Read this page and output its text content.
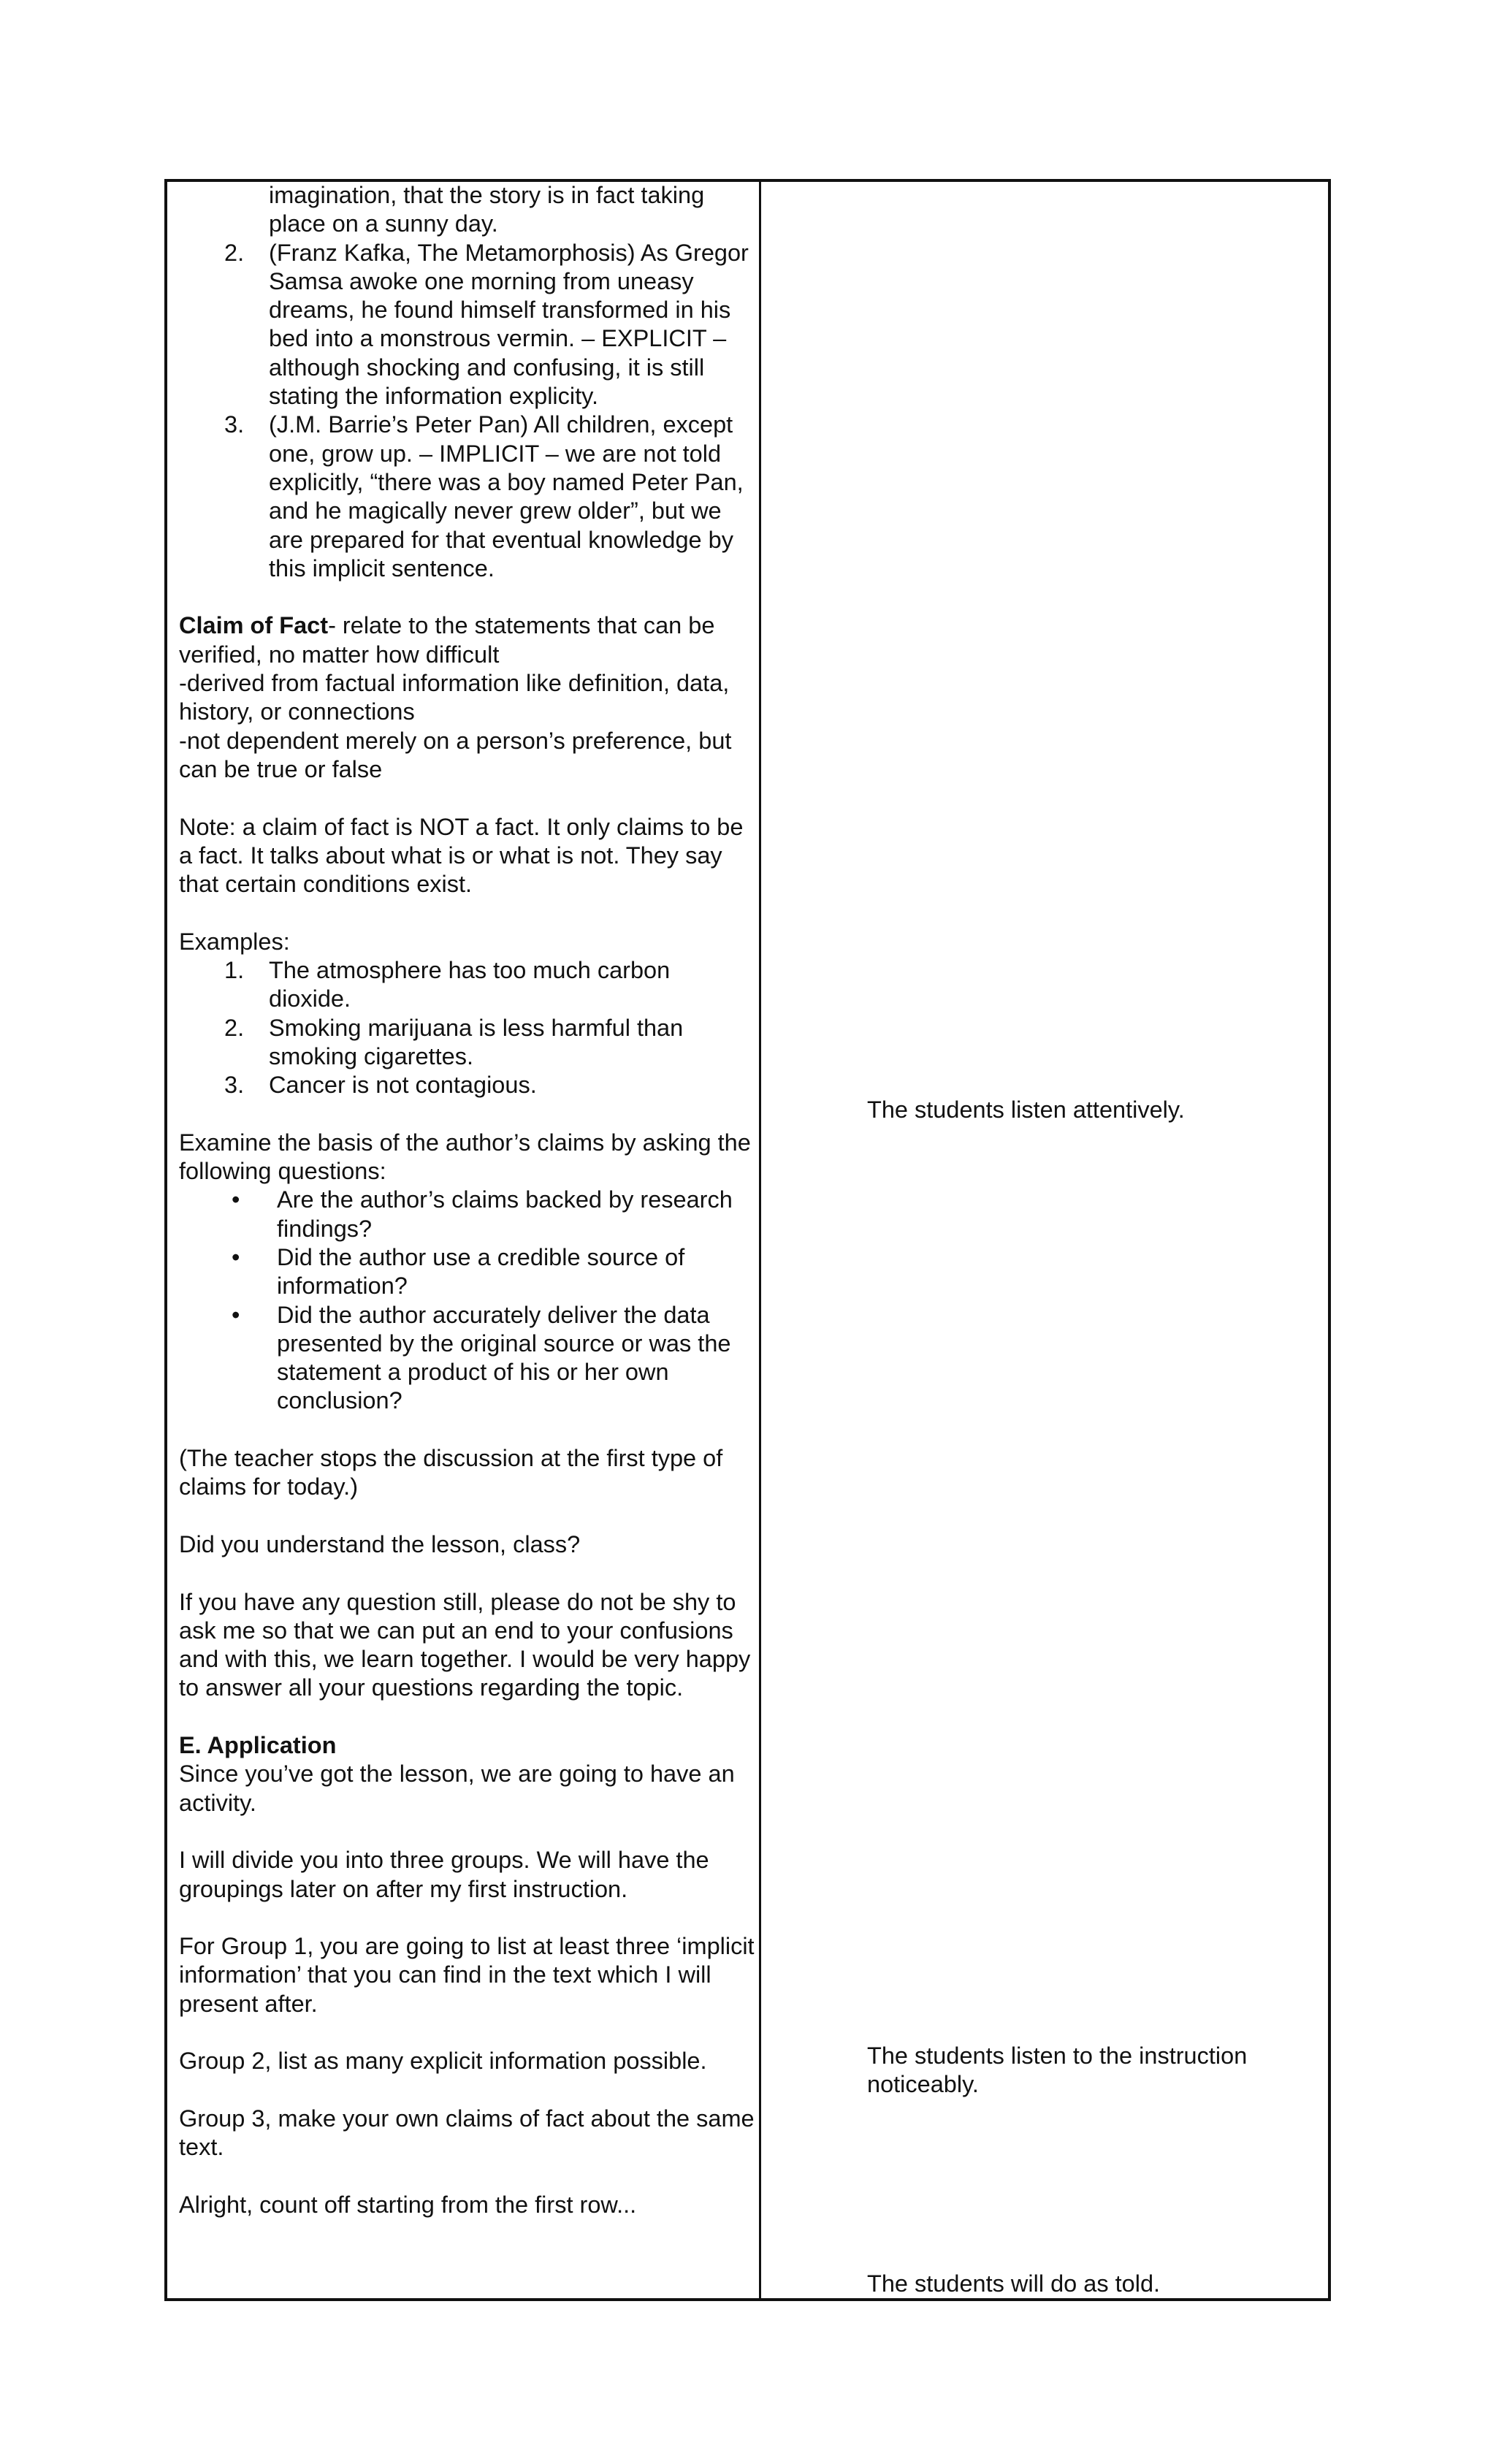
imagination, that the story is in fact taking place on a sunny day.
2. (Franz Kafka, The Metamorphosis) As Gregor Samsa awoke one morning from uneasy dreams, he found himself transformed in his bed into a monstrous vermin. – EXPLICIT – although shocking and confusing, it is still stating the information explicity.
3. (J.M. Barrie’s Peter Pan) All children, except one, grow up. – IMPLICIT – we are not told explicitly, “there was a boy named Peter Pan, and he magically never grew older”, but we are prepared for that eventual knowledge by this implicit sentence.

Claim of Fact- relate to the statements that can be verified, no matter how difficult

-derived from factual information like definition, data, history, or connections

-not dependent merely on a person’s preference, but can be true or false

Note: a claim of fact is NOT a fact. It only claims to be a fact. It talks about what is or what is not. They say that certain conditions exist.

Examples:

1. The atmosphere has too much carbon dioxide.
2. Smoking marijuana is less harmful than smoking cigarettes.
3. Cancer is not contagious.

Examine the basis of the author’s claims by asking the following questions:

• Are the author’s claims backed by research findings?
• Did the author use a credible source of information?
• Did the author accurately deliver the data presented by the original source or was the statement a product of his or her own conclusion?

(The teacher stops the discussion at the first type of claims for today.)

Did you understand the lesson, class?

If you have any question still, please do not be shy to ask me so that we can put an end to your confusions and with this, we learn together. I would be very happy to answer all your questions regarding the topic.

E. Application

Since you’ve got the lesson, we are going to have an activity.

I will divide you into three groups. We will have the groupings later on after my first instruction.

For Group 1, you are going to list at least three ‘implicit information’ that you can find in the text which I will present after.

Group 2, list as many explicit information possible.

Group 3, make your own claims of fact about the same text.

Alright, count off starting from the first row...

The students listen attentively.

The students listen to the instruction noticeably.

The students will do as told.
